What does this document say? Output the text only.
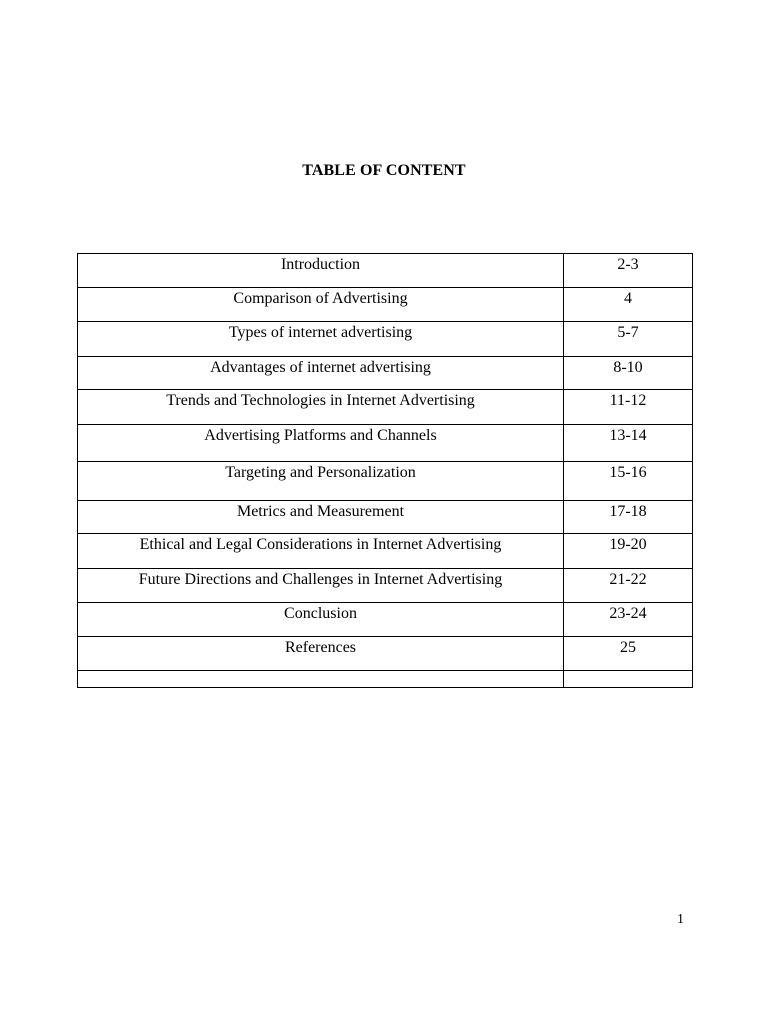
TABLE OF CONTENT
Introduction	2-3
Comparison of Advertising	4
Types of internet advertising	5-7
Advantages of internet advertising	8-10
Trends and Technologies in Internet Advertising	11-12
Advertising Platforms and Channels	13-14
Targeting and Personalization	15-16
Metrics and Measurement	17-18
Ethical and Legal Considerations in Internet Advertising	19-20
Future Directions and Challenges in Internet Advertising	21-22
Conclusion	23-24
References	25

1
